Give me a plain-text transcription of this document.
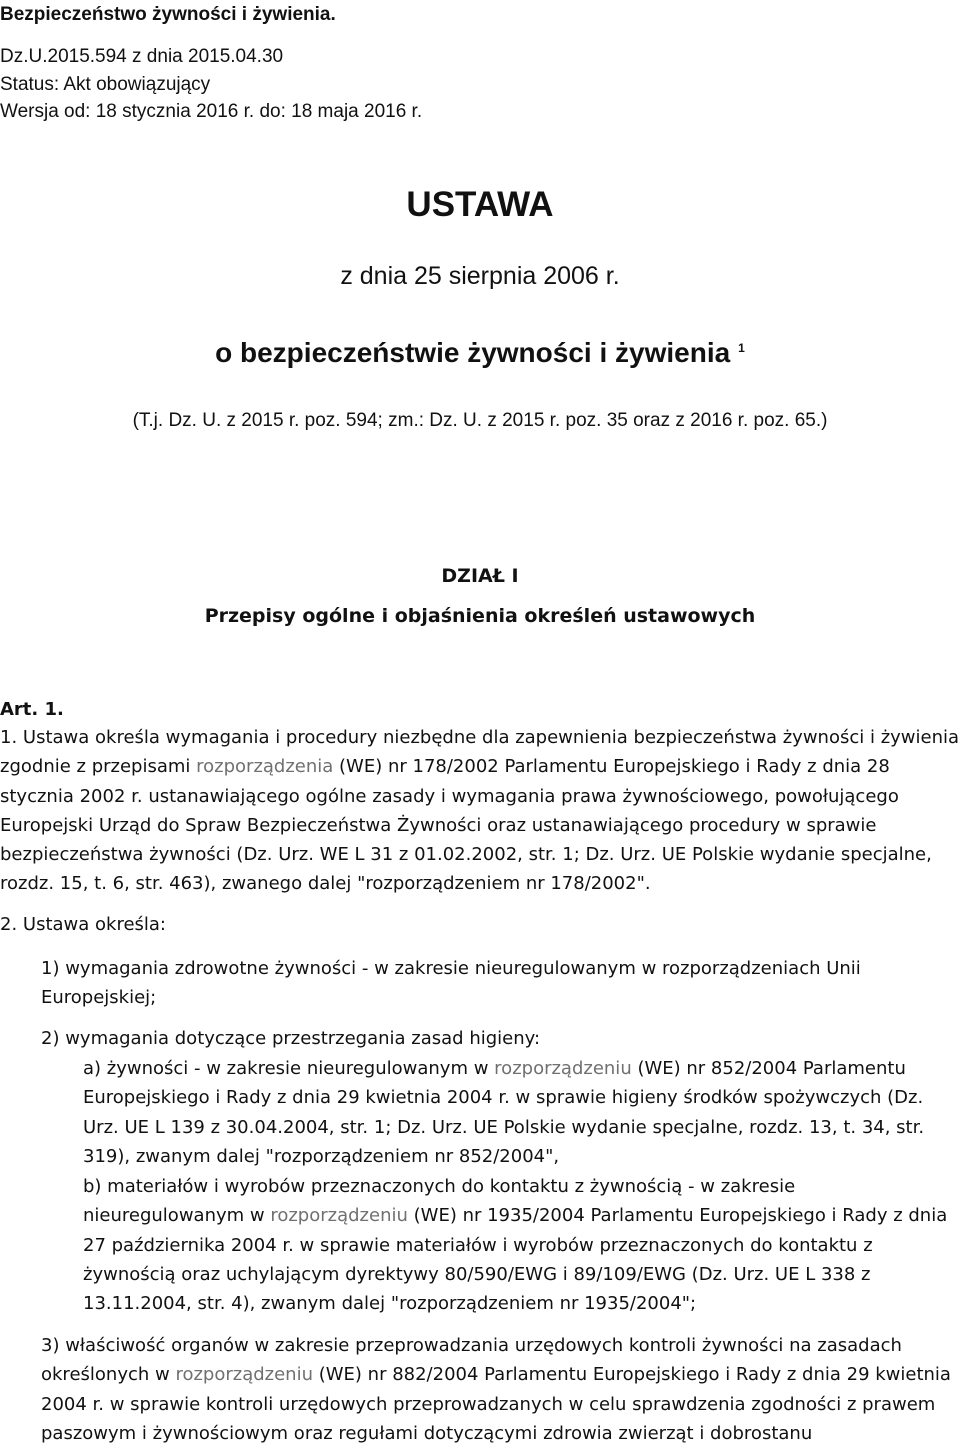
Bezpieczeństwo żywności i żywienia.
Dz.U.2015.594 z dnia 2015.04.30
Status: Akt obowiązujący
Wersja od: 18 stycznia 2016 r. do: 18 maja 2016 r.
USTAWA
z dnia 25 sierpnia 2006 r.
o bezpieczeństwie żywności i żywienia $^1$
(T.j. Dz. U. z 2015 r. poz. 594; zm.: Dz. U. z 2015 r. poz. 35 oraz z 2016 r. poz. 65.)
DZIAŁ I
Przepisy ogólne i objaśnienia określeń ustawowych
Art. 1.
1. Ustawa określa wymagania i procedury niezbędne dla zapewnienia bezpieczeństwa żywności i żywienia zgodnie z przepisami rozporządzenia (WE) nr 178/2002 Parlamentu Europejskiego i Rady z dnia 28 stycznia 2002 r. ustanawiającego ogólne zasady i wymagania prawa żywnościowego, powołującego Europejski Urząd do Spraw Bezpieczeństwa Żywności oraz ustanawiającego procedury w sprawie bezpieczeństwa żywności (Dz. Urz. WE L 31 z 01.02.2002, str. 1; Dz. Urz. UE Polskie wydanie specjalne, rozdz. 15, t. 6, str. 463), zwanego dalej "rozporządzeniem nr 178/2002".
2. Ustawa określa:
1) wymagania zdrowotne żywności - w zakresie nieuregulowanym w rozporządzeniach Unii Europejskiej;
2) wymagania dotyczące przestrzegania zasad higieny:
a) żywności - w zakresie nieuregulowanym w rozporządzeniu (WE) nr 852/2004 Parlamentu Europejskiego i Rady z dnia 29 kwietnia 2004 r. w sprawie higieny środków spożywczych (Dz. Urz. UE L 139 z 30.04.2004, str. 1; Dz. Urz. UE Polskie wydanie specjalne, rozdz. 13, t. 34, str. 319), zwanym dalej "rozporządzeniem nr 852/2004",
b) materiałów i wyrobów przeznaczonych do kontaktu z żywnością - w zakresie nieuregulowanym w rozporządzeniu (WE) nr 1935/2004 Parlamentu Europejskiego i Rady z dnia 27 października 2004 r. w sprawie materiałów i wyrobów przeznaczonych do kontaktu z żywnością oraz uchylającym dyrektywy 80/590/EWG i 89/109/EWG (Dz. Urz. UE L 338 z 13.11.2004, str. 4), zwanym dalej "rozporządzeniem nr 1935/2004";
3) właściwość organów w zakresie przeprowadzania urzędowych kontroli żywności na zasadach określonych w rozporządzeniu (WE) nr 882/2004 Parlamentu Europejskiego i Rady z dnia 29 kwietnia 2004 r. w sprawie kontroli urzędowych przeprowadzanych w celu sprawdzenia zgodności z prawem paszowym i żywnościowym oraz regułami dotyczącymi zdrowia zwierząt i dobrostanu
